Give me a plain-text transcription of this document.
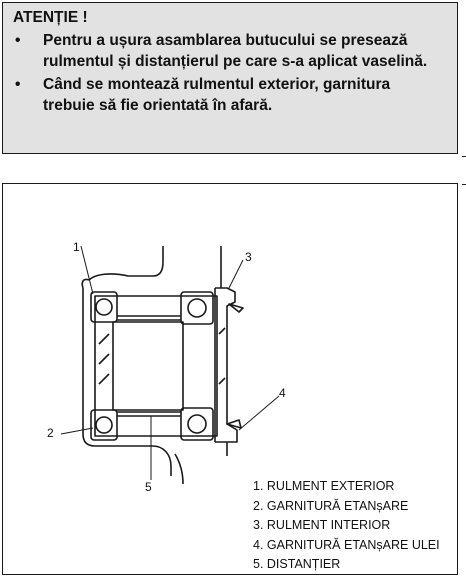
ATENȚIE !
•	Pentru a ușura asamblarea butucului se presează rulmentul și distanțierul pe care s-a aplicat vaselină.
•	Când se montează rulmentul exterior, garnitura trebuie să fie orientată în afară.
1
2
3
4
5	1. RULMENT EXTERIOR
2. GARNITURĂ ETANșARE
3. RULMENT INTERIOR
4. GARNITURĂ ETANșARE ULEI
5. DISTANȚIER
